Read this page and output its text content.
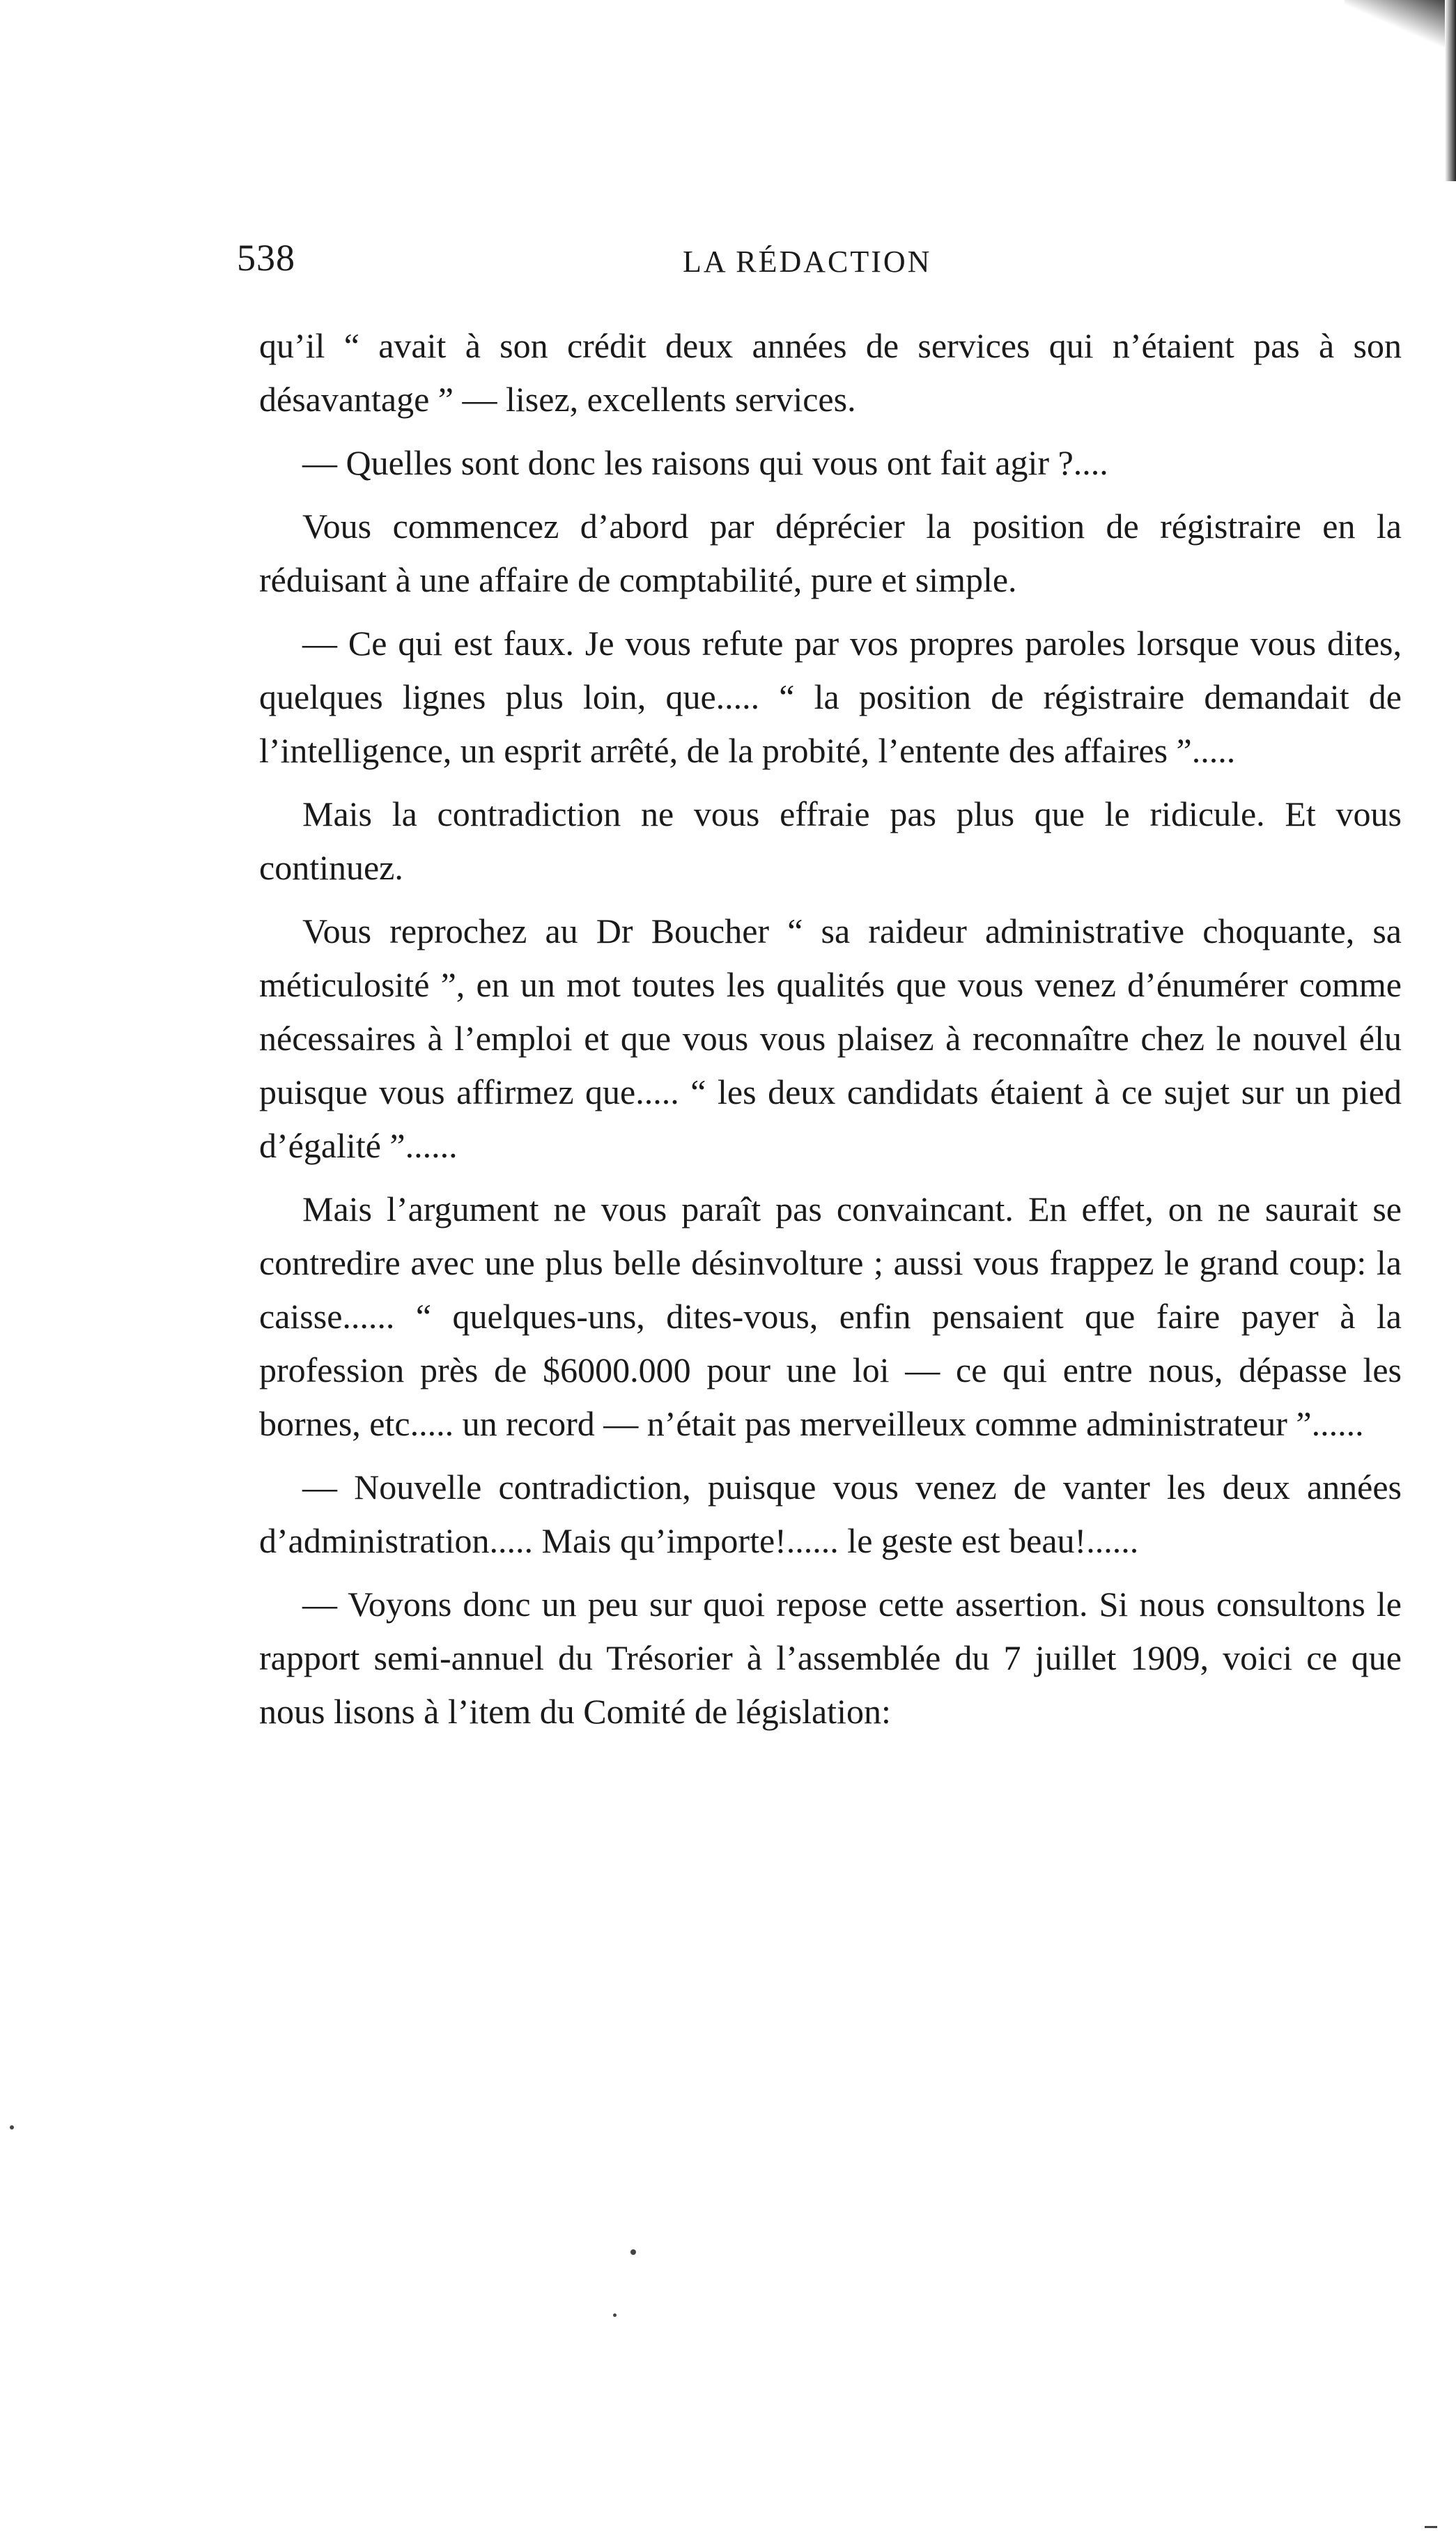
538	LA RÉDACTION

qu’il “ avait à son crédit deux années de services qui n’étaient pas à son désavantage ” — lisez, excellents services.

— Quelles sont donc les raisons qui vous ont fait agir ?....

Vous commencez d’abord par déprécier la position de régistraire en la réduisant à une affaire de comptabilité, pure et simple.

— Ce qui est faux. Je vous refute par vos propres paroles lorsque vous dites, quelques lignes plus loin, que..... “ la position de régistraire demandait de l’intelligence, un esprit arrêté, de la probité, l’entente des affaires ”.....

Mais la contradiction ne vous effraie pas plus que le ridicule. Et vous continuez.

Vous reprochez au Dr Boucher “ sa raideur administrative choquante, sa méticulosité ”, en un mot toutes les qualités que vous venez d’énumérer comme nécessaires à l’emploi et que vous vous plaisez à reconnaître chez le nouvel élu puisque vous affirmez que..... “ les deux candidats étaient à ce sujet sur un pied d’égalité ”......

Mais l’argument ne vous paraît pas convaincant. En effet, on ne saurait se contredire avec une plus belle désinvolture ; aussi vous frappez le grand coup: la caisse...... “ quelques-uns, dites-vous, enfin pensaient que faire payer à la profession près de $6000.000 pour une loi — ce qui entre nous, dépasse les bornes, etc..... un record — n’était pas merveilleux comme administrateur ”......

— Nouvelle contradiction, puisque vous venez de vanter les deux années d’administration..... Mais qu’importe!...... le geste est beau!......

— Voyons donc un peu sur quoi repose cette assertion. Si nous consultons le rapport semi-annuel du Trésorier à l’assemblée du 7 juillet 1909, voici ce que nous lisons à l’item du Comité de législation:
